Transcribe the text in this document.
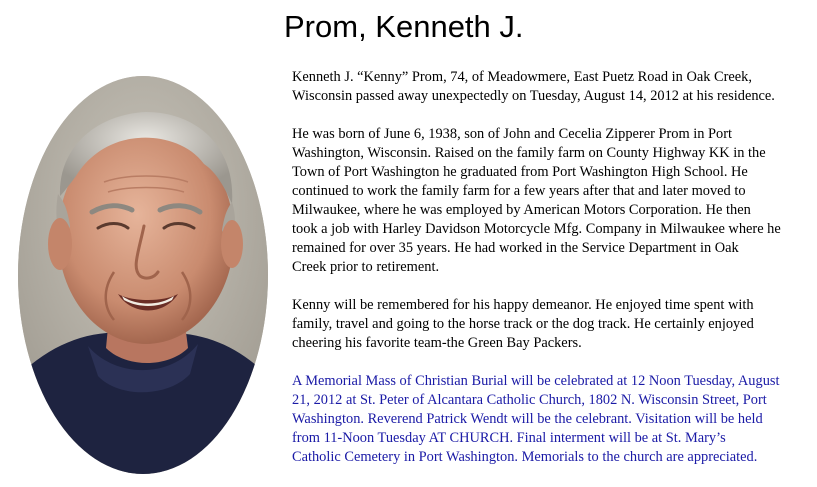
Prom, Kenneth J.

Kenneth J. “Kenny” Prom, 74, of Meadowmere, East Puetz Road in Oak Creek,
Wisconsin passed away unexpectedly on Tuesday, August 14, 2012 at his residence.

He was born of June 6, 1938, son of John and Cecelia Zipperer Prom in Port
Washington, Wisconsin. Raised on the family farm on County Highway KK in the
Town of Port Washington he graduated from Port Washington High School. He
continued to work the family farm for a few years after that and later moved to
Milwaukee, where he was employed by American Motors Corporation. He then
took a job with Harley Davidson Motorcycle Mfg. Company in Milwaukee where he
remained for over 35 years. He had worked in the Service Department in Oak
Creek prior to retirement.

Kenny will be remembered for his happy demeanor. He enjoyed time spent with
family, travel and going to the horse track or the dog track. He certainly enjoyed
cheering his favorite team-the Green Bay Packers.

A Memorial Mass of Christian Burial will be celebrated at 12 Noon Tuesday, August
21, 2012 at St. Peter of Alcantara Catholic Church, 1802 N. Wisconsin Street, Port
Washington. Reverend Patrick Wendt will be the celebrant. Visitation will be held
from 11-Noon Tuesday AT CHURCH. Final interment will be at St. Mary’s
Catholic Cemetery in Port Washington. Memorials to the church are appreciated.
